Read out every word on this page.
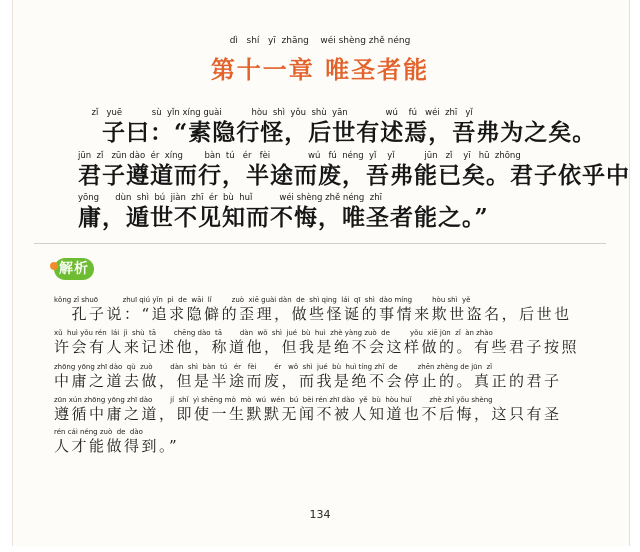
dì   shí   yī  zhāng    wéi shèng zhě néng
第十一章 唯圣者能
zǐ   yuē           sù  yǐn xíng guài           hòu  shì  yǒu  shù  yān              wú    fú   wéi  zhī   yǐ
　子曰：“素隐行怪，后世有述焉，吾弗为之矣。
jūn  zǐ   zūn dào  ér  xíng        bàn  tú   ér   fèi              wú   fú  néng  yǐ    yǐ           jūn   zǐ    yī   hū  zhōng
君子遵道而行，半途而废，吾弗能已矣。君子依乎中
yōng      dùn  shì  bú  jiàn  zhī  ér  bù  huǐ          wéi shèng zhě néng  zhī
庸，遁世不见知而不悔，唯圣者能之。”
解析
kǒng zǐ shuō           zhuī qiú yǐn  pì  de  wāi  lǐ         zuò  xiē guài dàn  de  shì qing  lái  qī  shì  dào míng         hòu shì  yě
　孔子说：“追求隐僻的歪理，做些怪诞的事情来欺世盗名，后世也
xǔ  huì yǒu rén  lái  jì  shù  tā        chēng dào  tā        dàn  wǒ  shì  jué  bù  huì  zhè yàng zuò  de         yǒu  xiē jūn  zǐ  àn zhào
许会有人来记述他，称道他，但我是绝不会这样做的。有些君子按照
zhōng yōng zhī dào  qù  zuò        dàn  shì  bàn  tú   ér   fèi        ér   wǒ  shì  jué  bù  huì tíng zhǐ  de         zhēn zhèng de jūn  zǐ
中庸之道去做，但是半途而废，而我是绝不会停止的。真正的君子
zūn xún zhōng yōng zhī dào        jí  shǐ  yì shēng mò  mò  wú  wén  bú  bèi rén zhī dào  yě  bù  hòu huǐ        zhè zhǐ yǒu shèng
遵循中庸之道，即使一生默默无闻不被人知道也不后悔，这只有圣
rén cái néng zuò  de  dào
人才能做得到。”
134
